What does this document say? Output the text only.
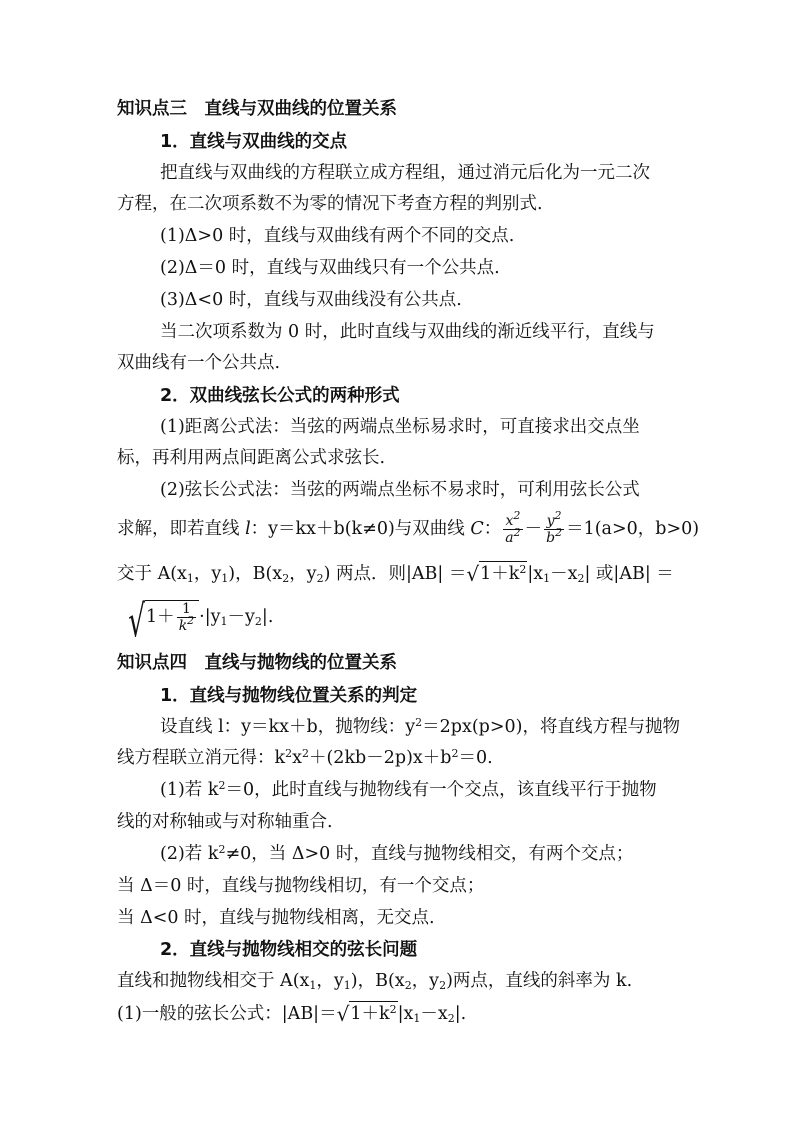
知识点三　直线与双曲线的位置关系
1．直线与双曲线的交点
把直线与双曲线的方程联立成方程组，通过消元后化为一元二次
方程，在二次项系数不为零的情况下考查方程的判别式.
(1)Δ>0 时，直线与双曲线有两个不同的交点.
(2)Δ＝0 时，直线与双曲线只有一个公共点.
(3)Δ<0 时，直线与双曲线没有公共点.
当二次项系数为 0 时，此时直线与双曲线的渐近线平行，直线与
双曲线有一个公共点.
2．双曲线弦长公式的两种形式
(1)距离公式法：当弦的两端点坐标易求时，可直接求出交点坐
标，再利用两点间距离公式求弦长.
(2)弦长公式法：当弦的两端点坐标不易求时，可利用弦长公式
求解，即若直线 l：y＝kx＋b(k≠0)与双曲线 C： $\frac{x^2}{a^2} - \frac{y^2}{b^2} =1(a>0$，b>0)
交于 $A(x_1$，$y_1$)，$B(x_2$，$y_2$) 两点．则$|AB| =√1+k^2|x_1-x_2|$ 或|AB| ＝
$√1+ \frac{1}{k^2} \cdot|y_1-y_2|$.
知识点四　直线与抛物线的位置关系
1．直线与抛物线位置关系的判定
设直线 l：y＝kx＋b，抛物线：$y^2=2px(p>0)$，将直线方程与抛物
线方程联立消元得：$k^2x^2+(2kb-2p)x+b^2=0$.
(1)若 $k^2=0$，此时直线与抛物线有一个交点，该直线平行于抛物
线的对称轴或与对称轴重合.
(2)若 $k^2\ne 0$，当 Δ>0 时，直线与抛物线相交，有两个交点；
当 Δ＝0 时，直线与抛物线相切，有一个交点；
当 Δ<0 时，直线与抛物线相离，无交点.
2．直线与抛物线相交的弦长问题
直线和抛物线相交于 $A(x_1$，$y_1$)，$B(x_2$，$y_2$)两点，直线的斜率为 k.
(1)一般的弦长公式：$|AB|=√1+k^2|x_1-x_2|$.
